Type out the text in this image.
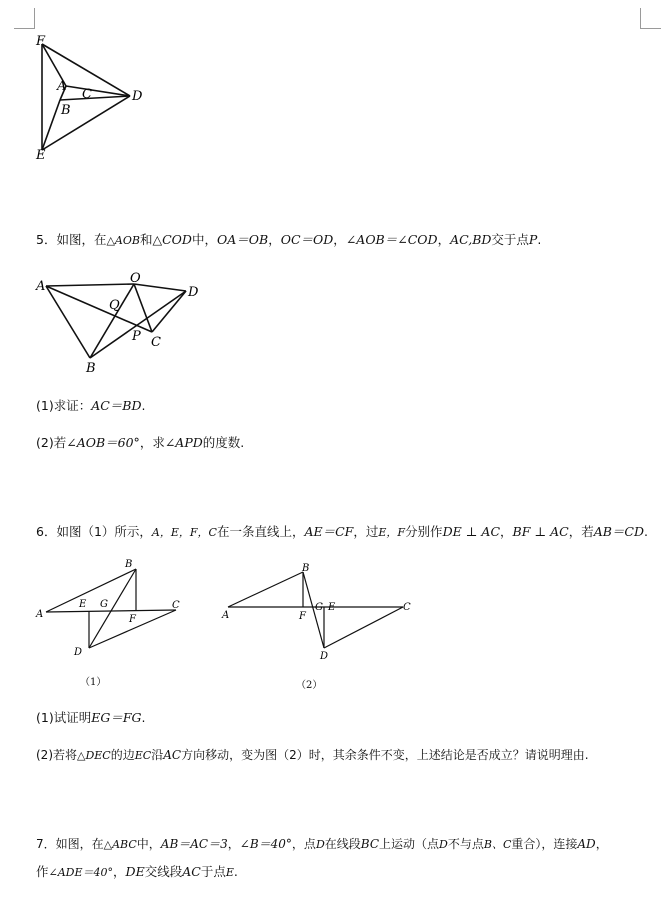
F
A
C	D
B
E
5．如图，在△AOB和△COD中，OA＝OB，OC＝OD，∠AOB＝∠COD，AC,BD交于点P.
A
O
D
Q
P C
B
(1)求证：AC＝BD.
(2)若∠AOB＝60°，求∠APD的度数.
6．如图（1）所示，A，E，F，C在一条直线上，AE＝CF，过E，F分别作DE ⊥ AC，BF ⊥ AC，若AB＝CD.
A
E G
F
C
B
D
（1）
A	F
G E	C
B
D
（2）
(1)试证明EG＝FG.
(2)若将△DEC的边EC沿AC方向移动，变为图（2）时，其余条件不变，上述结论是否成立？请说明理由.
7．如图，在△ABC中，AB＝AC＝3，∠B＝40°，点D在线段BC上运动（点D不与点B、C重合），连接AD，
作∠ADE＝40°，DE交线段AC于点E.
